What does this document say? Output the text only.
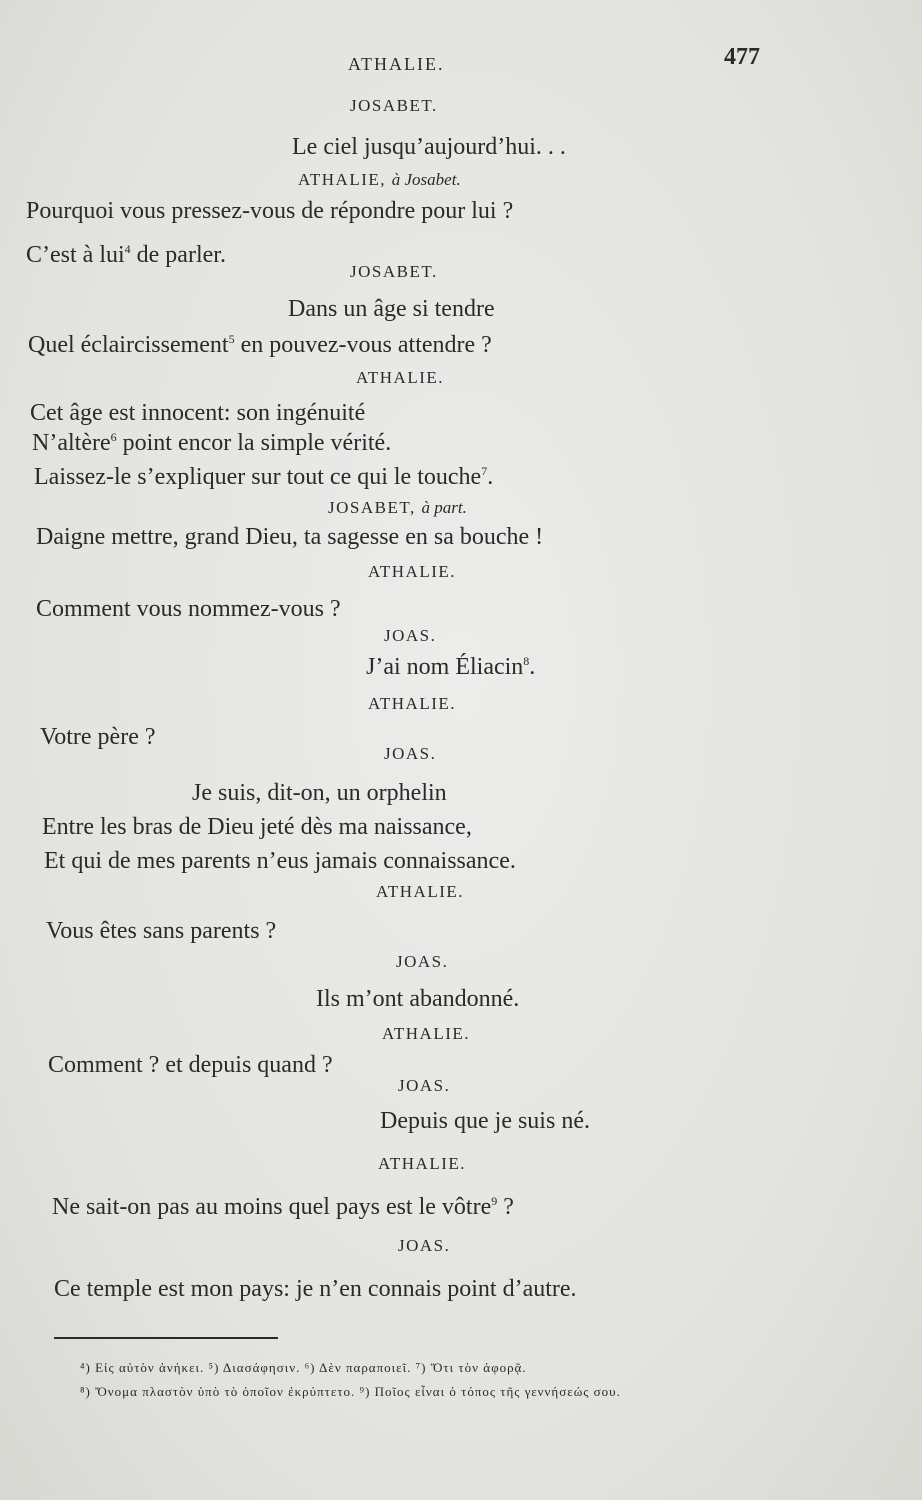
ATHALIE.	477
JOSABET.
Le ciel jusqu’aujourd’hui. . .
ATHALIE, à Josabet.
Pourquoi vous pressez-vous de répondre pour lui ?
C’est à lui$^4$ de parler.
JOSABET.
Dans un âge si tendre
Quel éclaircissement$^5$ en pouvez-vous attendre ?
ATHALIE.
Cet âge est innocent: son ingénuité
N’altère$^6$ point encor la simple vérité.
Laissez-le s’expliquer sur tout ce qui le touche$^7$.
JOSABET, à part.
Daigne mettre, grand Dieu, ta sagesse en sa bouche !
ATHALIE.
Comment vous nommez-vous ?
JOAS.
J’ai nom Éliacin$^8$.
ATHALIE.
Votre père ?
JOAS.
Je suis, dit-on, un orphelin
Entre les bras de Dieu jeté dès ma naissance,
Et qui de mes parents n’eus jamais connaissance.
ATHALIE.
Vous êtes sans parents ?
JOAS.
Ils m’ont abandonné.
ATHALIE.
Comment ? et depuis quand ?
JOAS.
Depuis que je suis né.
ATHALIE.
Ne sait-on pas au moins quel pays est le vôtre$^9$ ?
JOAS.
Ce temple est mon pays: je n’en connais point d’autre.
⁴) Εἰς αὐτὸν ἀνήκει. ⁵) Διασάφησιν. ⁶) Δὲν παραποιεῖ. ⁷) Ὅτι τὸν ἀφορᾷ.
⁸) Ὄνομα πλαστὸν ὑπὸ τὸ ὁποῖον ἐκρύπτετο. ⁹) Ποῖος εἶναι ὁ τόπος τῆς γεννήσεώς σου.
